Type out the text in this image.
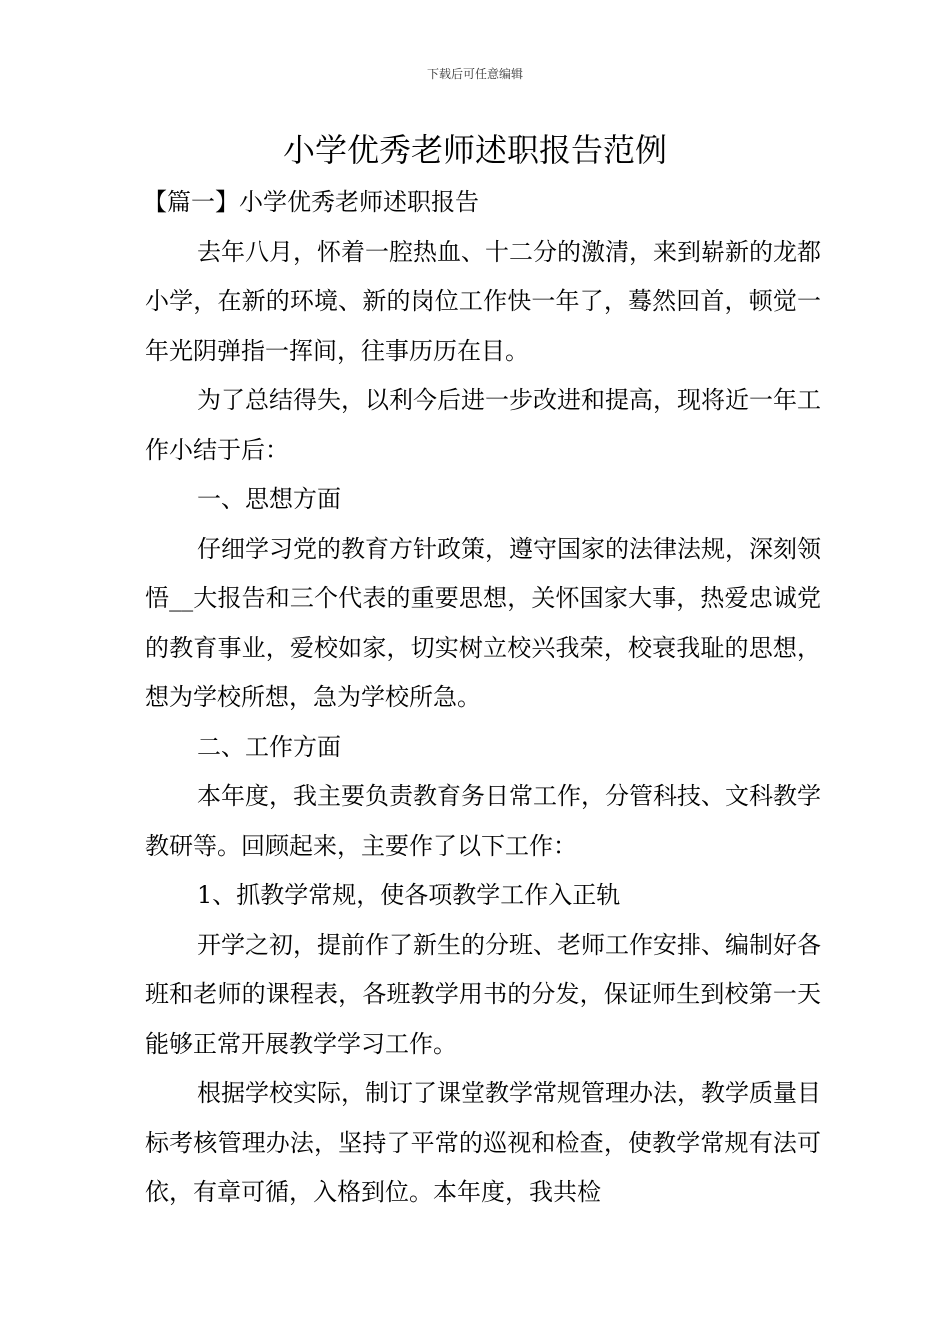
下载后可任意编辑
小学优秀老师述职报告范例

【篇一】小学优秀老师述职报告

去年八月，怀着一腔热血、十二分的激清，来到崭新的龙都小学，在新的环境、新的岗位工作快一年了，蓦然回首，顿觉一年光阴弹指一挥间，往事历历在目。

为了总结得失，以利今后进一步改进和提高，现将近一年工作小结于后：

一、思想方面

仔细学习党的教育方针政策，遵守国家的法律法规，深刻领悟__大报告和三个代表的重要思想，关怀国家大事，热爱忠诚党的教育事业，爱校如家，切实树立校兴我荣，校衰我耻的思想，想为学校所想，急为学校所急。

二、工作方面

本年度，我主要负责教育务日常工作，分管科技、文科教学教研等。回顾起来，主要作了以下工作：

1、抓教学常规，使各项教学工作入正轨

开学之初，提前作了新生的分班、老师工作安排、编制好各班和老师的课程表，各班教学用书的分发，保证师生到校第一天能够正常开展教学学习工作。

根据学校实际，制订了课堂教学常规管理办法，教学质量目标考核管理办法，坚持了平常的巡视和检查，使教学常规有法可依，有章可循，入格到位。本年度，我共检
